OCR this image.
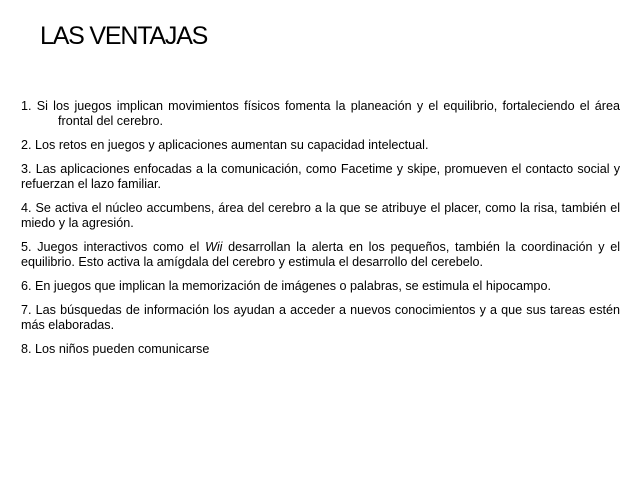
LAS VENTAJAS

1. Si los juegos implican movimientos físicos fomenta la planeación y el equilibrio, fortaleciendo el área frontal del cerebro.

2. Los retos en juegos y aplicaciones aumentan su capacidad intelectual.

3. Las aplicaciones enfocadas a la comunicación, como Facetime y skipe, promueven el contacto social y refuerzan el lazo familiar.

4. Se activa el núcleo accumbens, área del cerebro a la que se atribuye el placer, como la risa, también el miedo y la agresión.

5. Juegos interactivos como el Wii desarrollan la alerta en los pequeños, también la coordinación y el equilibrio. Esto activa la amígdala del cerebro y estimula el desarrollo del cerebelo.

6. En juegos que implican la memorización de imágenes o palabras, se estimula el hipocampo.

7. Las búsquedas de información los ayudan a acceder a nuevos conocimientos y a que sus tareas estén más elaboradas.

8. Los niños pueden comunicarse
